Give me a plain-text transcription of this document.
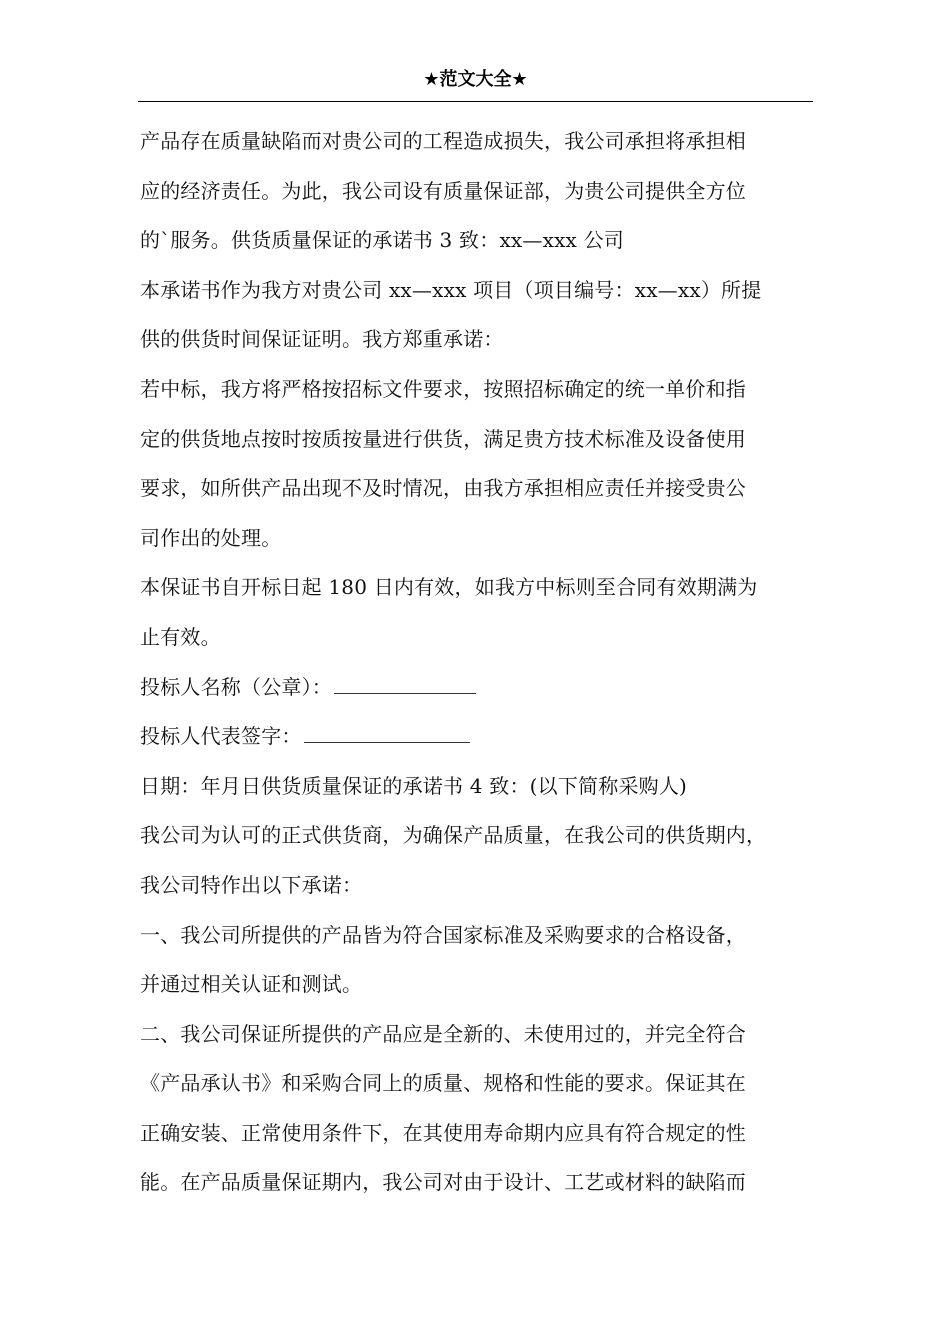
★范文大全★
产品存在质量缺陷而对贵公司的工程造成损失，我公司承担将承担相
应的经济责任。为此，我公司设有质量保证部，为贵公司提供全方位
的`服务。供货质量保证的承诺书 3 致：xx—xxx 公司
本承诺书作为我方对贵公司 xx—xxx 项目（项目编号：xx—xx）所提
供的供货时间保证证明。我方郑重承诺：
若中标，我方将严格按招标文件要求，按照招标确定的统一单价和指
定的供货地点按时按质按量进行供货，满足贵方技术标准及设备使用
要求，如所供产品出现不及时情况，由我方承担相应责任并接受贵公
司作出的处理。
本保证书自开标日起 180 日内有效，如我方中标则至合同有效期满为
止有效。
投标人名称（公章）：
投标人代表签字：
日期：年月日供货质量保证的承诺书 4 致：(以下简称采购人)
我公司为认可的正式供货商，为确保产品质量，在我公司的供货期内，
我公司特作出以下承诺：
一、我公司所提供的产品皆为符合国家标准及采购要求的合格设备，
并通过相关认证和测试。
二、我公司保证所提供的产品应是全新的、未使用过的，并完全符合
《产品承认书》和采购合同上的质量、规格和性能的要求。保证其在
正确安装、正常使用条件下，在其使用寿命期内应具有符合规定的性
能。在产品质量保证期内，我公司对由于设计、工艺或材料的缺陷而
